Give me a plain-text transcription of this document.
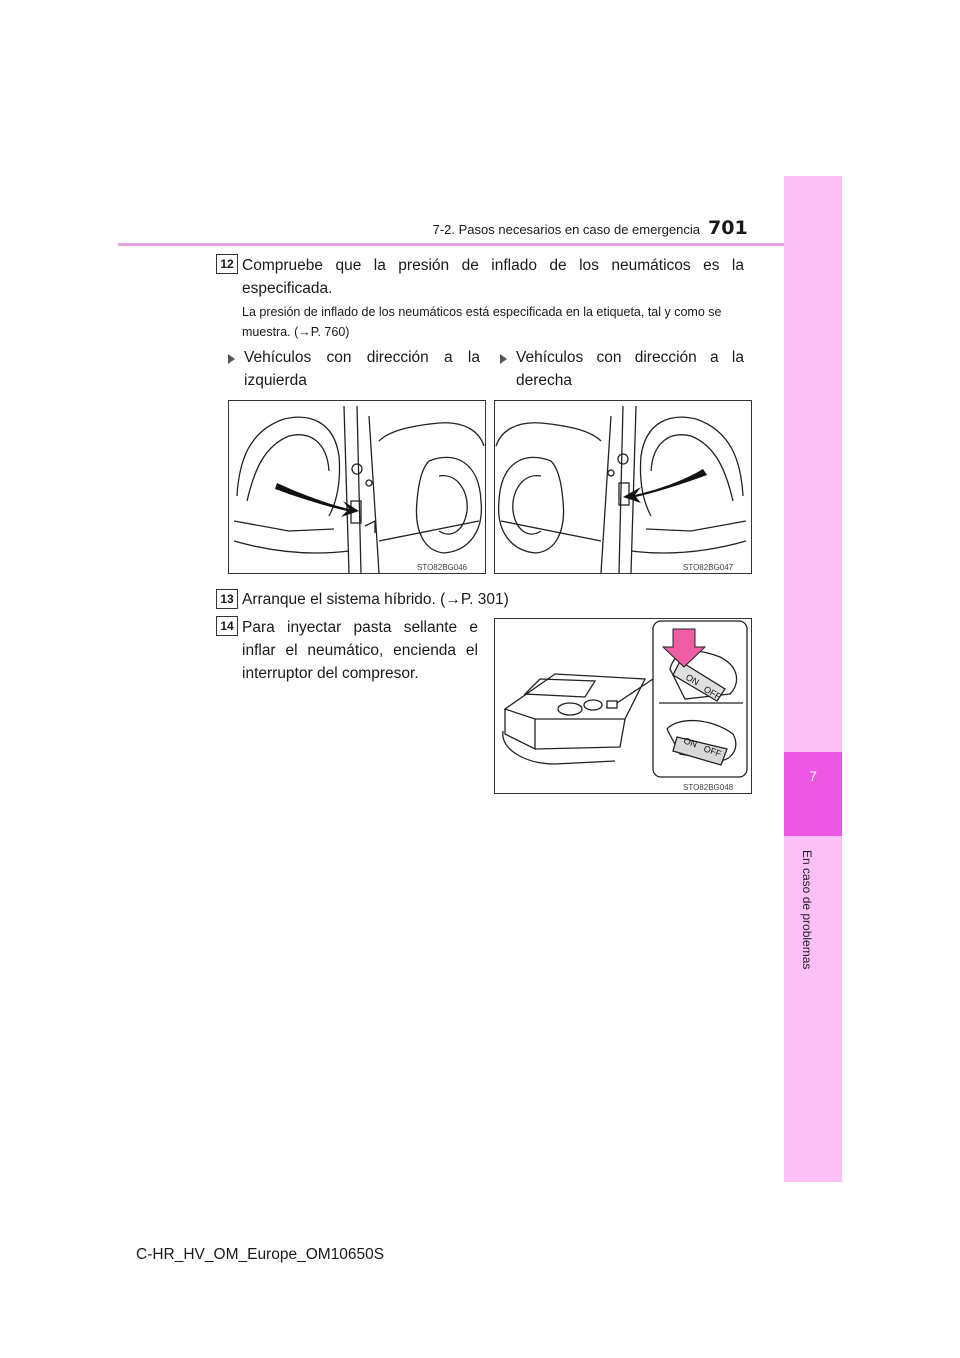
7-2. Pasos necesarios en caso de emergencia 701
7
En caso de problemas
12 Compruebe que la presión de inflado de los neumáticos es la especificada.
La presión de inflado de los neumáticos está especificada en la etiqueta, tal y como se muestra. (→P. 760)
Vehículos con dirección a la izquierda
Vehículos con dirección a la derecha
STO82BG046	STO82BG047
13 Arranque el sistema híbrido. (→P. 301)
14 Para inyectar pasta sellante e inflar el neumático, encienda el interruptor del compresor.	ON
OFF
ON
OFF
STO82BG048
C-HR_HV_OM_Europe_OM10650S
